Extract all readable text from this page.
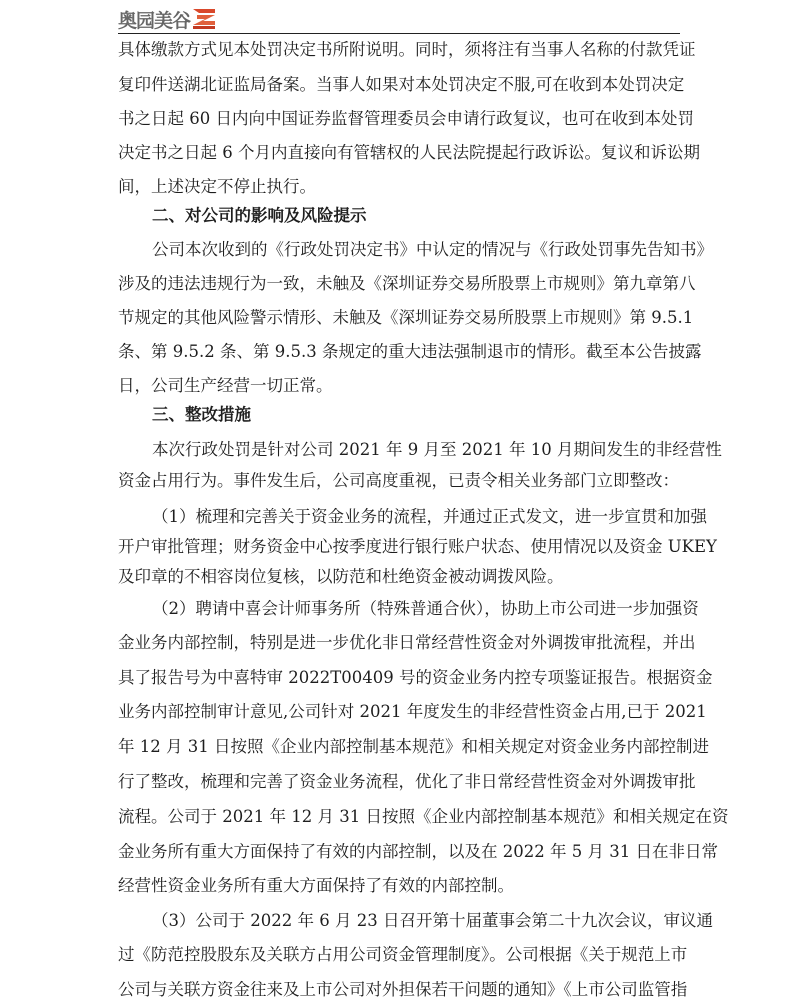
奥园美谷
具体缴款方式见本处罚决定书所附说明。同时，须将注有当事人名称的付款凭证
复印件送湖北证监局备案。当事人如果对本处罚决定不服,可在收到本处罚决定
书之日起 60 日内向中国证券监督管理委员会申请行政复议，也可在收到本处罚
决定书之日起 6 个月内直接向有管辖权的人民法院提起行政诉讼。复议和诉讼期
间，上述决定不停止执行。
二、对公司的影响及风险提示
公司本次收到的《行政处罚决定书》中认定的情况与《行政处罚事先告知书》
涉及的违法违规行为一致，未触及《深圳证券交易所股票上市规则》第九章第八
节规定的其他风险警示情形、未触及《深圳证券交易所股票上市规则》第 9.5.1
条、第 9.5.2 条、第 9.5.3 条规定的重大违法强制退市的情形。截至本公告披露
日，公司生产经营一切正常。
三、整改措施
本次行政处罚是针对公司 2021 年 9 月至 2021 年 10 月期间发生的非经营性
资金占用行为。事件发生后，公司高度重视，已责令相关业务部门立即整改：
（1）梳理和完善关于资金业务的流程，并通过正式发文，进一步宣贯和加强
开户审批管理；财务资金中心按季度进行银行账户状态、使用情况以及资金 UKEY
及印章的不相容岗位复核，以防范和杜绝资金被动调拨风险。
（2）聘请中喜会计师事务所（特殊普通合伙），协助上市公司进一步加强资
金业务内部控制，特别是进一步优化非日常经营性资金对外调拨审批流程，并出
具了报告号为中喜特审 2022T00409 号的资金业务内控专项鉴证报告。根据资金
业务内部控制审计意见,公司针对 2021 年度发生的非经营性资金占用,已于 2021
年 12 月 31 日按照《企业内部控制基本规范》和相关规定对资金业务内部控制进
行了整改，梳理和完善了资金业务流程，优化了非日常经营性资金对外调拨审批
流程。公司于 2021 年 12 月 31 日按照《企业内部控制基本规范》和相关规定在资
金业务所有重大方面保持了有效的内部控制，以及在 2022 年 5 月 31 日在非日常
经营性资金业务所有重大方面保持了有效的内部控制。
（3）公司于 2022 年 6 月 23 日召开第十届董事会第二十九次会议，审议通
过《防范控股股东及关联方占用公司资金管理制度》。公司根据《关于规范上市
公司与关联方资金往来及上市公司对外担保若干问题的通知》《上市公司监管指
